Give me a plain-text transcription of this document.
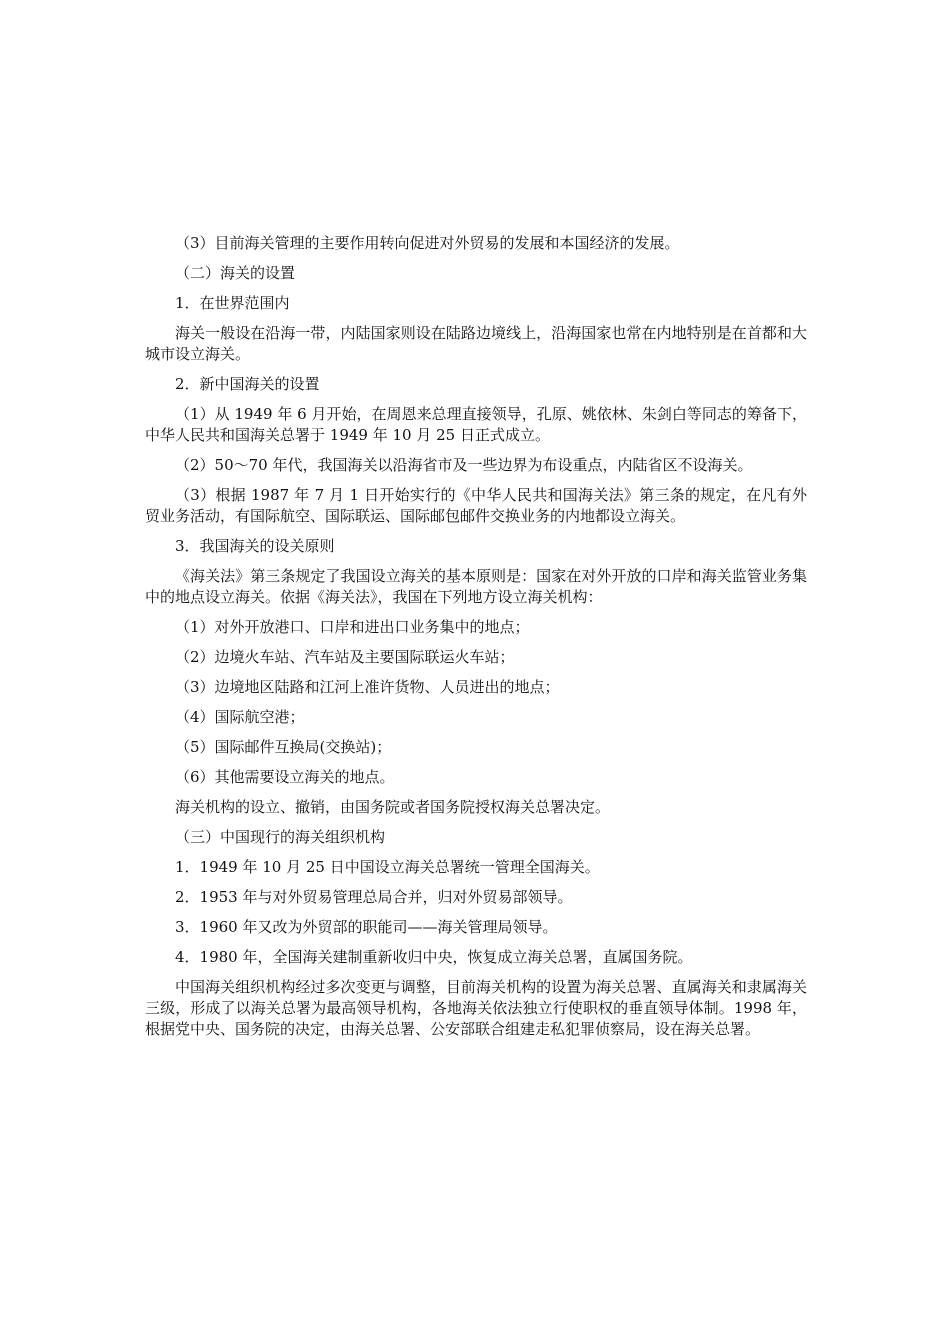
（3）目前海关管理的主要作用转向促进对外贸易的发展和本国经济的发展。

（二）海关的设置

1．在世界范围内

海关一般设在沿海一带，内陆国家则设在陆路边境线上，沿海国家也常在内地特别是在首都和大城市设立海关。

2．新中国海关的设置

（1）从 1949 年 6 月开始，在周恩来总理直接领导，孔原、姚依林、朱剑白等同志的筹备下，中华人民共和国海关总署于 1949 年 10 月 25 日正式成立。

（2）50～70 年代，我国海关以沿海省市及一些边界为布设重点，内陆省区不设海关。

（3）根据 1987 年 7 月 1 日开始实行的《中华人民共和国海关法》第三条的规定，在凡有外贸业务活动，有国际航空、国际联运、国际邮包邮件交换业务的内地都设立海关。

3．我国海关的设关原则

《海关法》第三条规定了我国设立海关的基本原则是：国家在对外开放的口岸和海关监管业务集中的地点设立海关。依据《海关法》，我国在下列地方设立海关机构：

（1）对外开放港口、口岸和进出口业务集中的地点；

（2）边境火车站、汽车站及主要国际联运火车站；

（3）边境地区陆路和江河上准许货物、人员进出的地点；

（4）国际航空港；

（5）国际邮件互换局(交换站)；

（6）其他需要设立海关的地点。

海关机构的设立、撤销，由国务院或者国务院授权海关总署决定。

（三）中国现行的海关组织机构

1．1949 年 10 月 25 日中国设立海关总署统一管理全国海关。

2．1953 年与对外贸易管理总局合并，归对外贸易部领导。

3．1960 年又改为外贸部的职能司——海关管理局领导。

4．1980 年，全国海关建制重新收归中央，恢复成立海关总署，直属国务院。

中国海关组织机构经过多次变更与调整，目前海关机构的设置为海关总署、直属海关和隶属海关三级，形成了以海关总署为最高领导机构，各地海关依法独立行使职权的垂直领导体制。1998 年，根据党中央、国务院的决定，由海关总署、公安部联合组建走私犯罪侦察局，设在海关总署。
